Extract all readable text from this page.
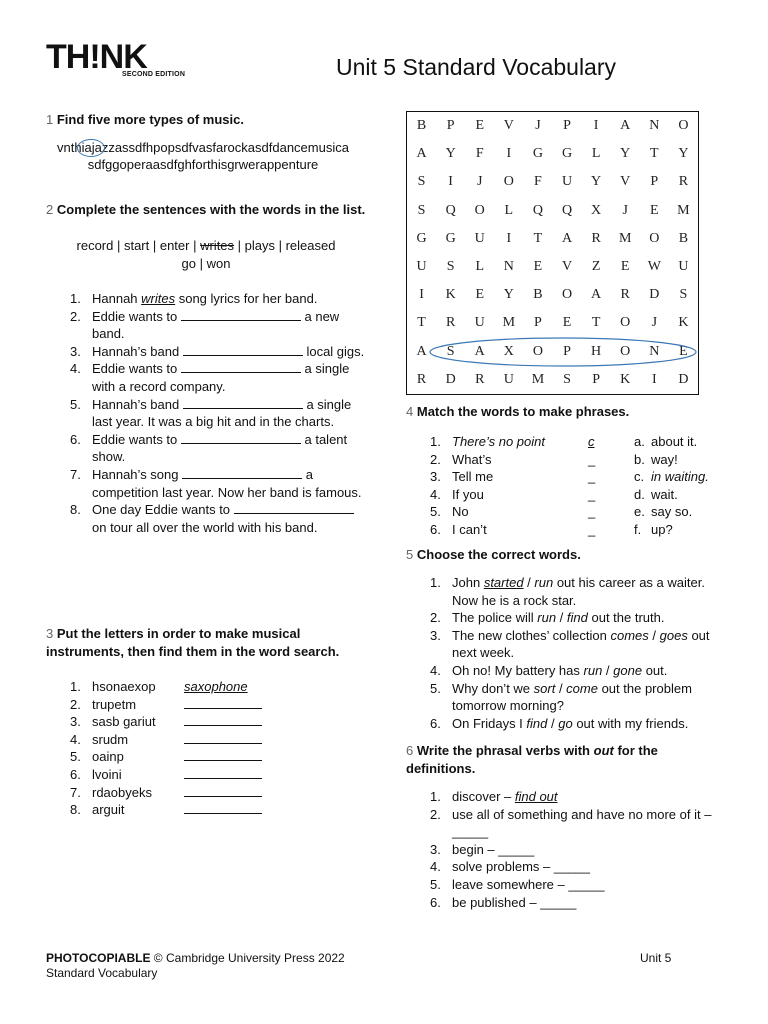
TH!NK
SECOND EDITION	Unit 5 Standard Vocabulary
1 Find five more types of music.
vnthiajazzassdfhpopsdfvasfarockasdfdancemusica
sdfggoperaasdfghforthisgrwerappenture
2 Complete the sentences with the words in the list.
record | start | enter | writes | plays | released
go | won
1. Hannah writes song lyrics for her band.
2. Eddie wants to	a new band.
3. Hannah’s band	local gigs.
4. Eddie wants to	a single with a record company.
5. Hannah’s band	a single last year. It was a big hit and in the charts.
6. Eddie wants to	a talent show.
7. Hannah’s song	a competition last year. Now her band is famous.
8. One day Eddie wants to  on tour all over the world with his band.
3 Put the letters in order to make musical instruments, then find them in the word search.
1. hsonaexop saxophone
2. trupetm
3. sasb gariut
4. srudm
5. oainp
6. lvoini
7. rdaobyeks
8. arguit
B	P	E	V	J	P	I	A	N	O
A	Y	F	I	G	G	L	Y	T	Y
S	I	J	O	F	U	Y	V	P	R
S	Q	O	L	Q	Q	X	J	E	M
G	G	U	I	T	A	R	M	O	B
U	S	L	N	E	V	Z	E	W	U
I	K	E	Y	B	O	A	R	D	S
T	R	U	M	P	E	T	O	J	K
A	S	A	X	O	P	H	O	N	E
R	D	R	U	M	S	P	K	I	D
4 Match the words to make phrases.
1. There’s no point	c	a. about it.
2. What’s	_	b. way!
3. Tell me	_	c. in waiting.
4. If you	_	d. wait.
5. No	_	e. say so.
6. I can’t	_	f. up?
5 Choose the correct words.
1. John started / run out his career as a waiter. Now he is a rock star.
2. The police will run / find out the truth.
3. The new clothes’ collection comes / goes out next week.
4. Oh no! My battery has run / gone out.
5. Why don’t we sort / come out the problem tomorrow morning?
6. On Fridays I find / go out with my friends.
6 Write the phrasal verbs with out for the definitions.
1. discover – find out
2. use all of something and have no more of it – _____
3. begin – _____
4. solve problems – _____
5. leave somewhere – _____
6. be published – _____
PHOTOCOPIABLE © Cambridge University Press 2022
Standard Vocabulary
Unit 5
